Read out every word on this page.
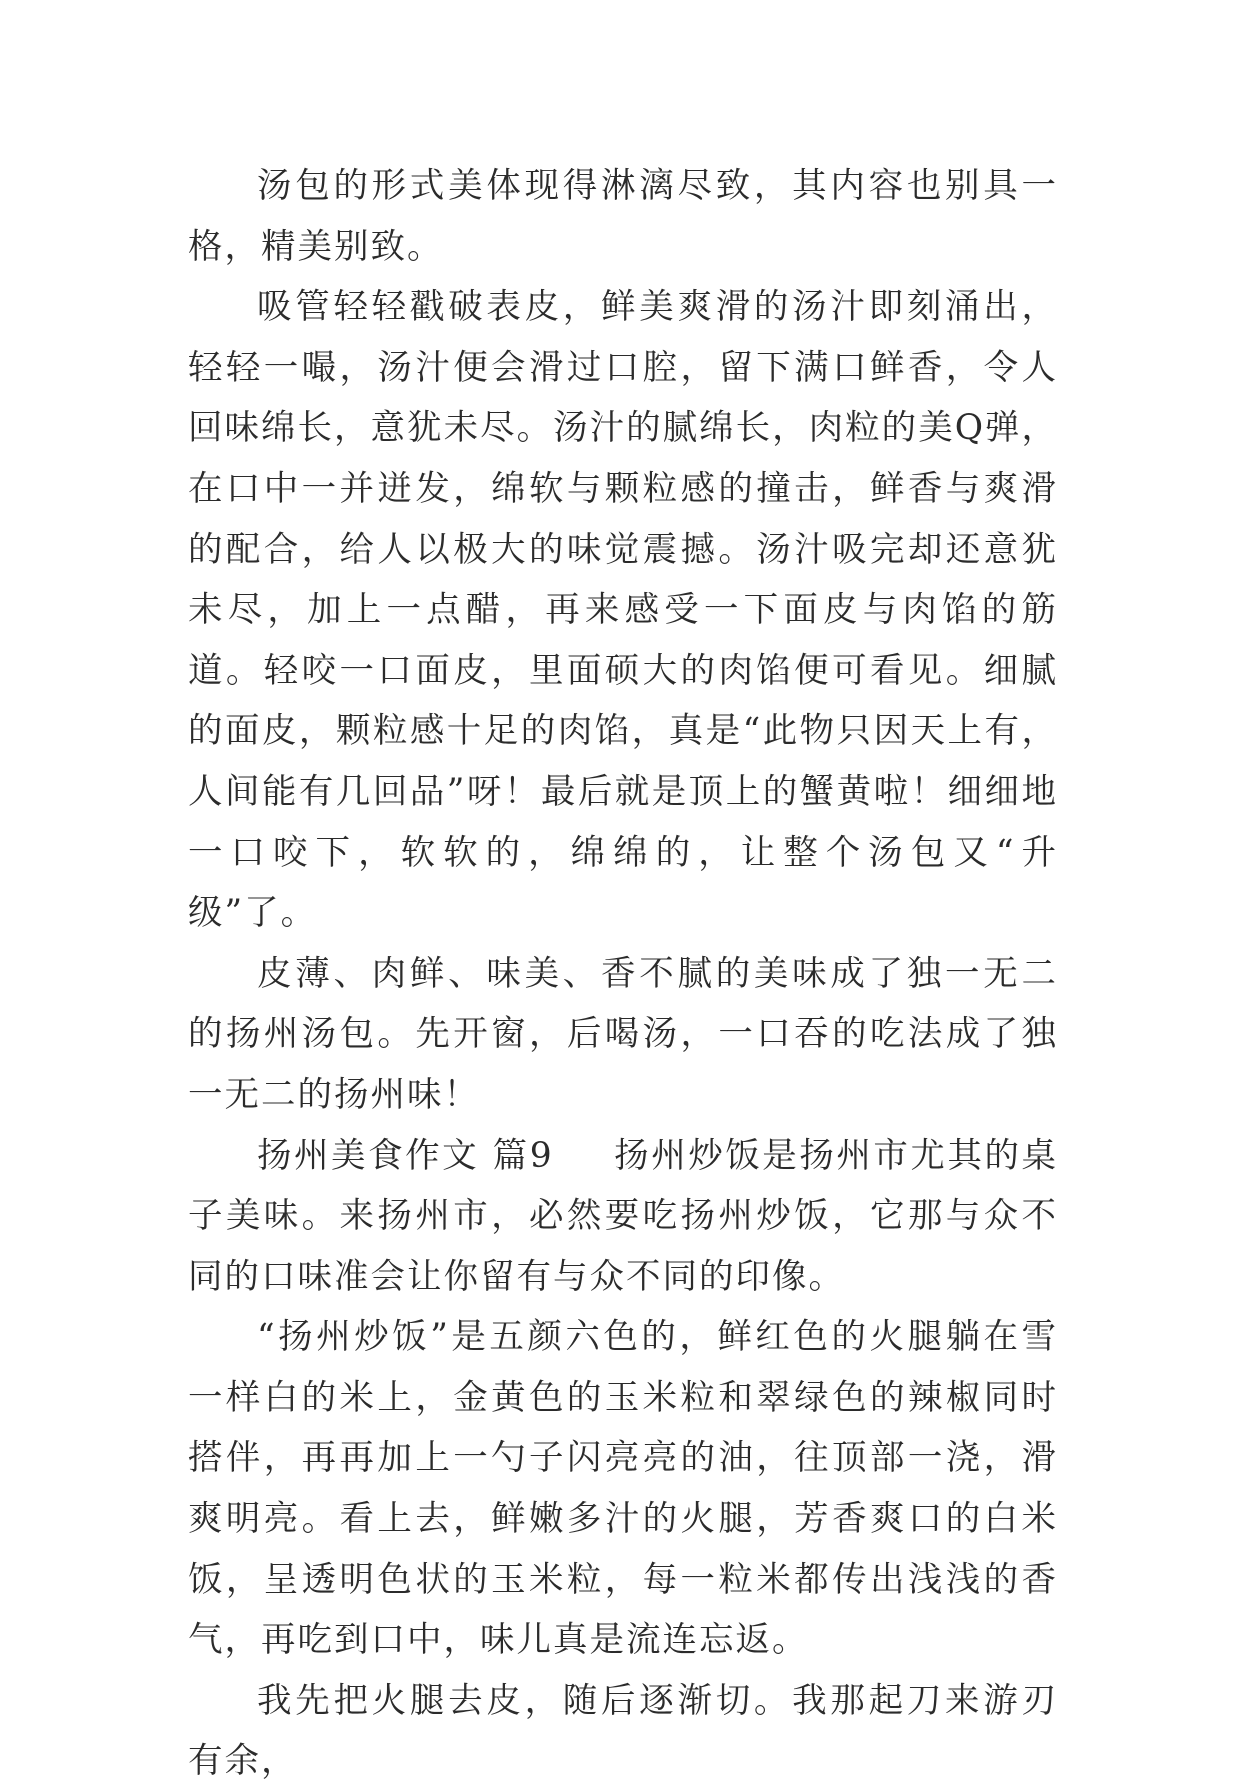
汤包的形式美体现得淋漓尽致，其内容也别具一格，精美别致。

吸管轻轻戳破表皮，鲜美爽滑的汤汁即刻涌出，轻轻一嘬，汤汁便会滑过口腔，留下满口鲜香，令人回味绵长，意犹未尽。汤汁的腻绵长，肉粒的美Q弹，在口中一并迸发，绵软与颗粒感的撞击，鲜香与爽滑的配合，给人以极大的味觉震撼。汤汁吸完却还意犹未尽，加上一点醋，再来感受一下面皮与肉馅的筋道。轻咬一口面皮，里面硕大的肉馅便可看见。细腻的面皮，颗粒感十足的肉馅，真是“此物只因天上有，人间能有几回品”呀！最后就是顶上的蟹黄啦！细细地一口咬下，软软的，绵绵的，让整个汤包又“升级”了。

皮薄、肉鲜、味美、香不腻的美味成了独一无二的扬州汤包。先开窗，后喝汤，一口吞的吃法成了独一无二的扬州味！

扬州美食作文 篇9 扬州炒饭是扬州市尤其的桌子美味。来扬州市，必然要吃扬州炒饭，它那与众不同的口味准会让你留有与众不同的印像。

“扬州炒饭”是五颜六色的，鲜红色的火腿躺在雪一样白的米上，金黄色的玉米粒和翠绿色的辣椒同时搭伴，再再加上一勺子闪亮亮的油，往顶部一浇，滑爽明亮。看上去，鲜嫩多汁的火腿，芳香爽口的白米饭，呈透明色状的玉米粒，每一粒米都传出浅浅的香气，再吃到口中，味儿真是流连忘返。

我先把火腿去皮，随后逐渐切。我那起刀来游刃有余，
